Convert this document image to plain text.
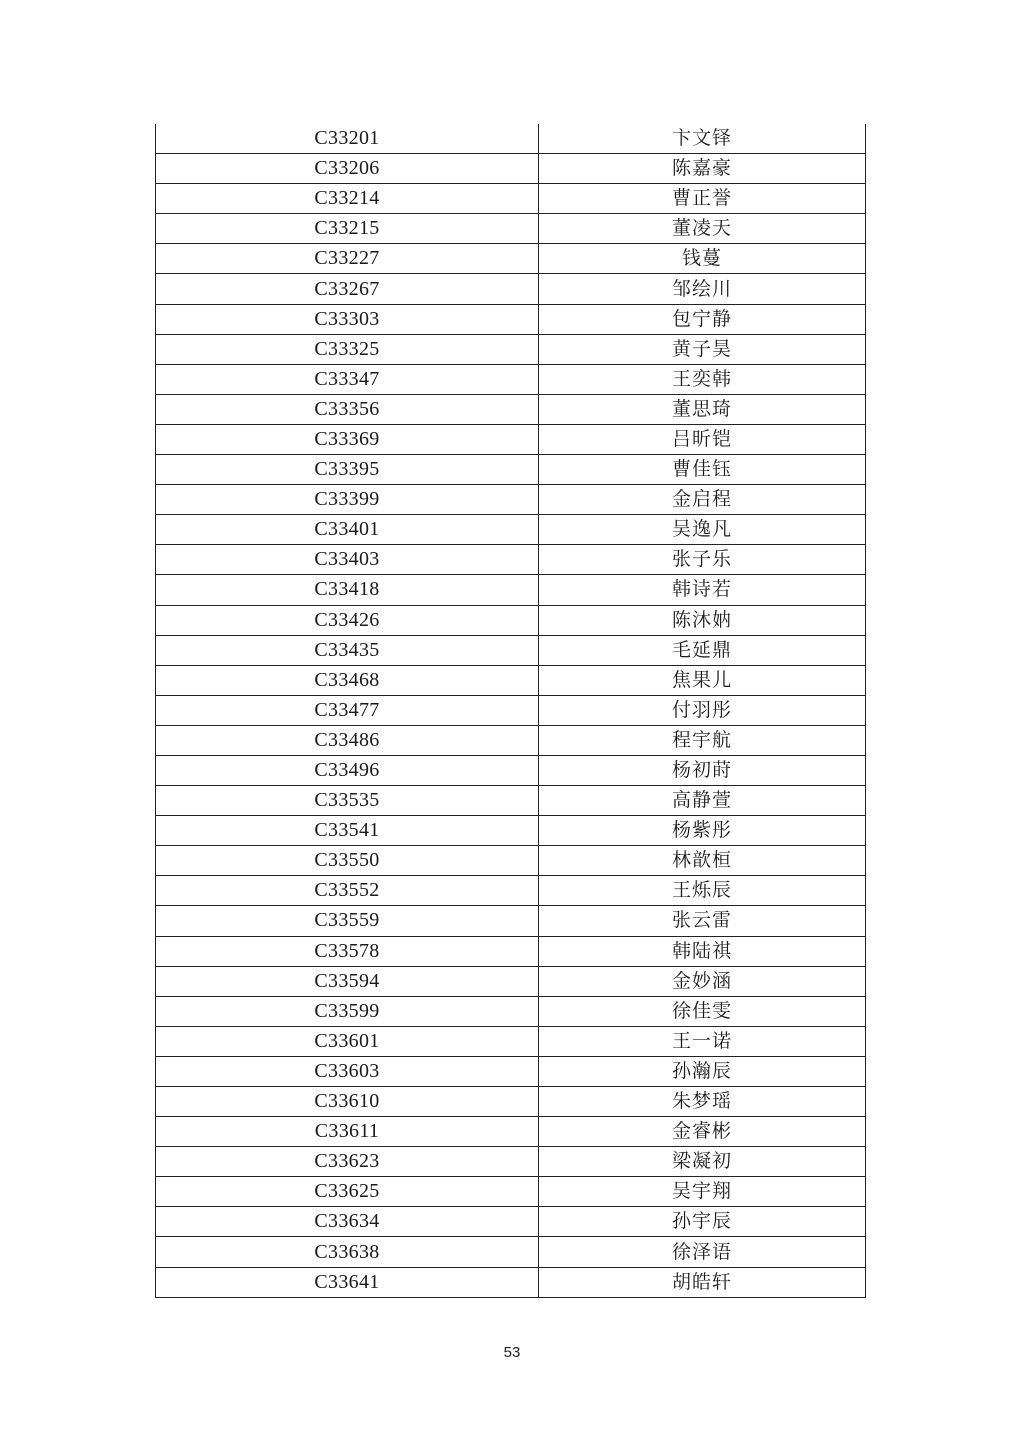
C33201	卞文铎
C33206	陈嘉豪
C33214	曹正誉
C33215	董凌天
C33227	钱蔓
C33267	邹绘川
C33303	包宁静
C33325	黄子昊
C33347	王奕韩
C33356	董思琦
C33369	吕昕铠
C33395	曹佳钰
C33399	金启程
C33401	吴逸凡
C33403	张子乐
C33418	韩诗若
C33426	陈沐妠
C33435	毛延鼎
C33468	焦果儿
C33477	付羽彤
C33486	程宇航
C33496	杨初莳
C33535	高静萱
C33541	杨紫彤
C33550	林歆桓
C33552	王烁辰
C33559	张云雷
C33578	韩陆祺
C33594	金妙涵
C33599	徐佳雯
C33601	王一诺
C33603	孙瀚辰
C33610	朱梦瑶
C33611	金睿彬
C33623	梁凝初
C33625	吴宇翔
C33634	孙宇辰
C33638	徐泽语
C33641	胡皓轩
53
